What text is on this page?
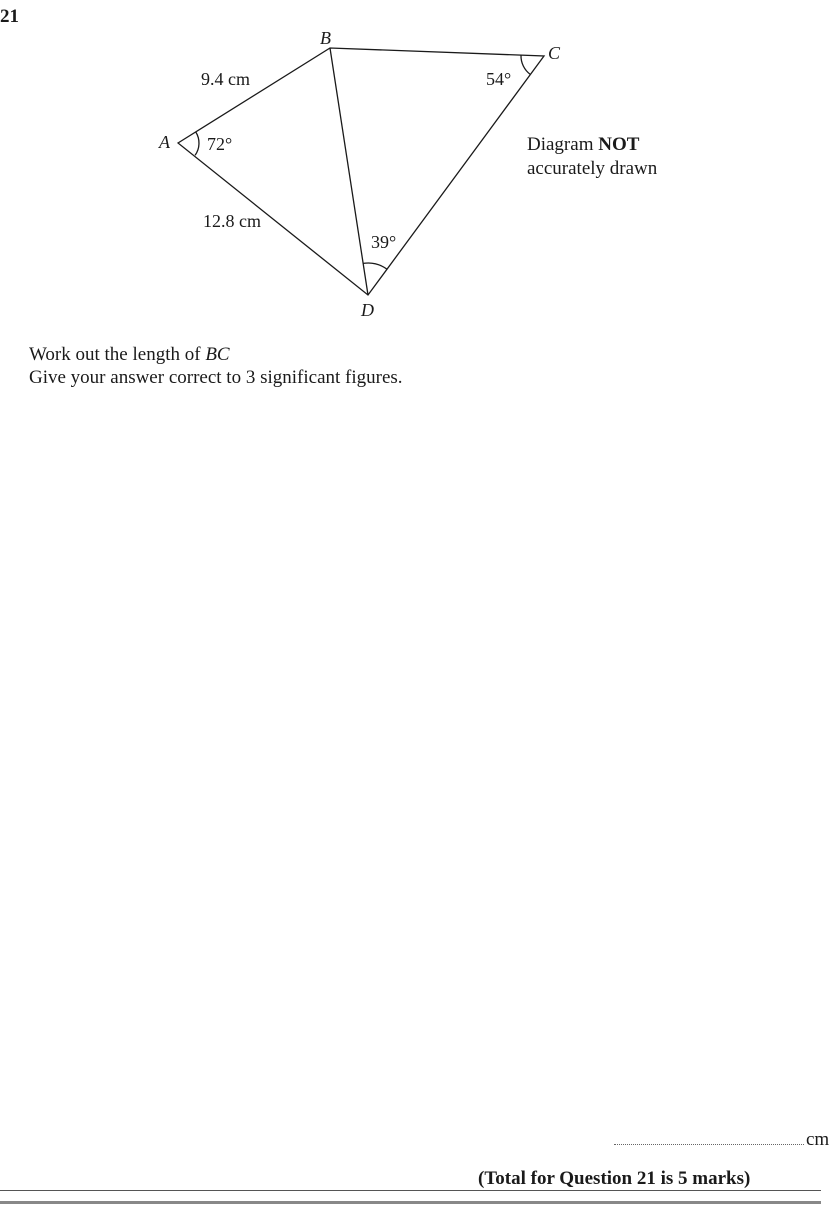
21
A
B
C
D
9.4 cm
12.8 cm
72°
54°
39°
Diagram NOT
accurately drawn
Work out the length of BC
Give your answer correct to 3 significant figures.
cm
(Total for Question 21 is 5 marks)
